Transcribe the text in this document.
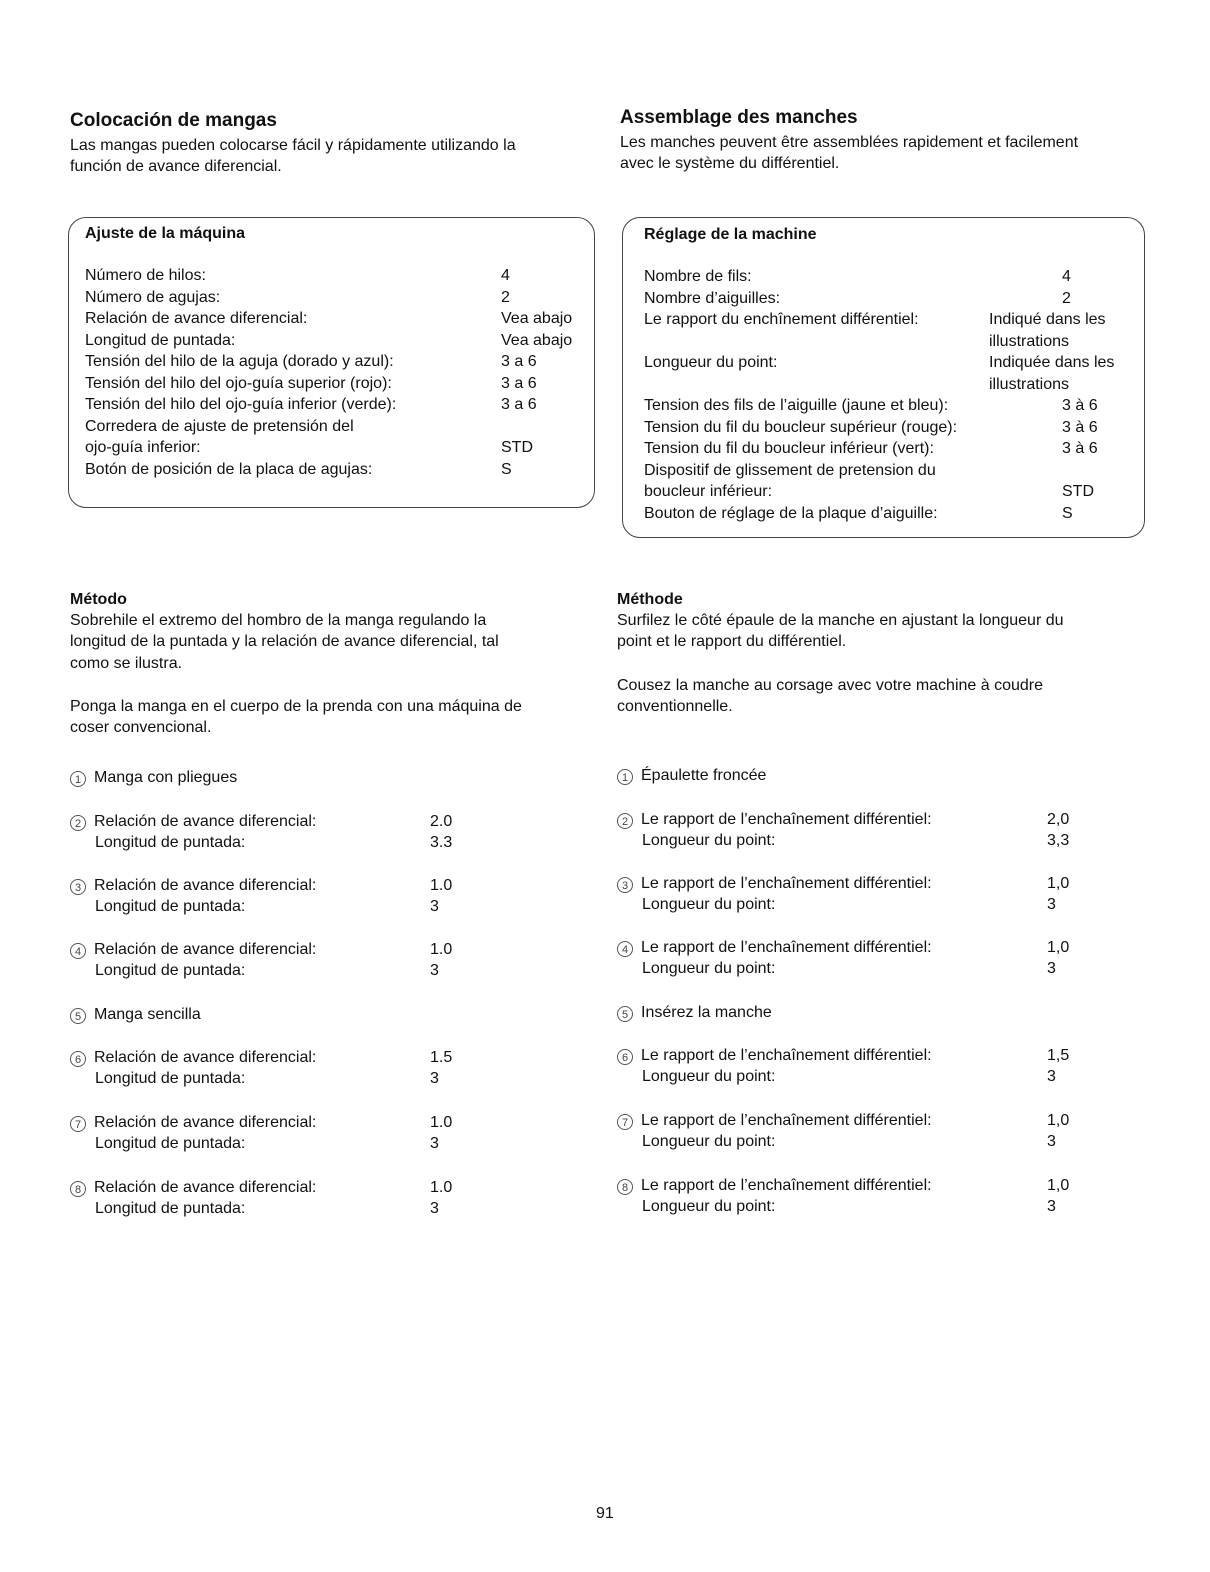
Colocación de mangas

Las mangas pueden colocarse fácil y rápidamente utilizando la

función de avance diferencial.

Ajuste de la máquina
Número de hilos:	4
Número de agujas:	2
Relación de avance diferencial:	Vea abajo
Longitud de puntada:	Vea abajo
Tensión del hilo de la aguja (dorado y azul):	3 a 6
Tensión del hilo del ojo-guía superior (rojo):	3 a 6
Tensión del hilo del ojo-guía inferior (verde):	3 a 6
Corredera de ajuste de pretensión del
ojo-guía inferior:	STD
Botón de posición de la placa de agujas:	S
Método

Sobrehile el extremo del hombro de la manga regulando la

longitud de la puntada y la relación de avance diferencial, tal

como se ilustra.

Ponga la manga en el cuerpo de la prenda con una máquina de

coser convencional.

1 Manga con pliegues
2 Relación de avance diferencial:	2.0
Longitud de puntada:	3.3
3 Relación de avance diferencial:	1.0
Longitud de puntada:	3
4 Relación de avance diferencial:	1.0
Longitud de puntada:	3
5 Manga sencilla
6 Relación de avance diferencial:	1.5
Longitud de puntada:	3
7 Relación de avance diferencial:	1.0
Longitud de puntada:	3
8 Relación de avance diferencial:	1.0
Longitud de puntada:	3
Assemblage des manches

Les manches peuvent être assemblées rapidement et facilement

avec le système du différentiel.

Réglage de la machine
Nombre de fils:	4
Nombre d’aiguilles:	2
Le rapport du enchînement différentiel:	Indiqué dans les
illustrations
Longueur du point:	Indiquée dans les
illustrations
Tension des fils de l’aiguille (jaune et bleu):	3 à 6
Tension du fil du boucleur supérieur (rouge):	3 à 6
Tension du fil du boucleur inférieur (vert):	3 à 6
Dispositif de glissement de pretension du
boucleur inférieur:	STD
Bouton de réglage de la plaque d’aiguille:	S
Méthode

Surfilez le côté épaule de la manche en ajustant la longueur du

point et le rapport du différentiel.

Cousez la manche au corsage avec votre machine à coudre

conventionnelle.

1 Épaulette froncée
2 Le rapport de l’enchaînement différentiel:	2,0
Longueur du point:	3,3
3 Le rapport de l’enchaînement différentiel:	1,0
Longueur du point:	3
4 Le rapport de l’enchaînement différentiel:	1,0
Longueur du point:	3
5 Insérez la manche
6 Le rapport de l’enchaînement différentiel:	1,5
Longueur du point:	3
7 Le rapport de l’enchaînement différentiel:	1,0
Longueur du point:	3
8 Le rapport de l’enchaînement différentiel:	1,0
Longueur du point:	3
91
